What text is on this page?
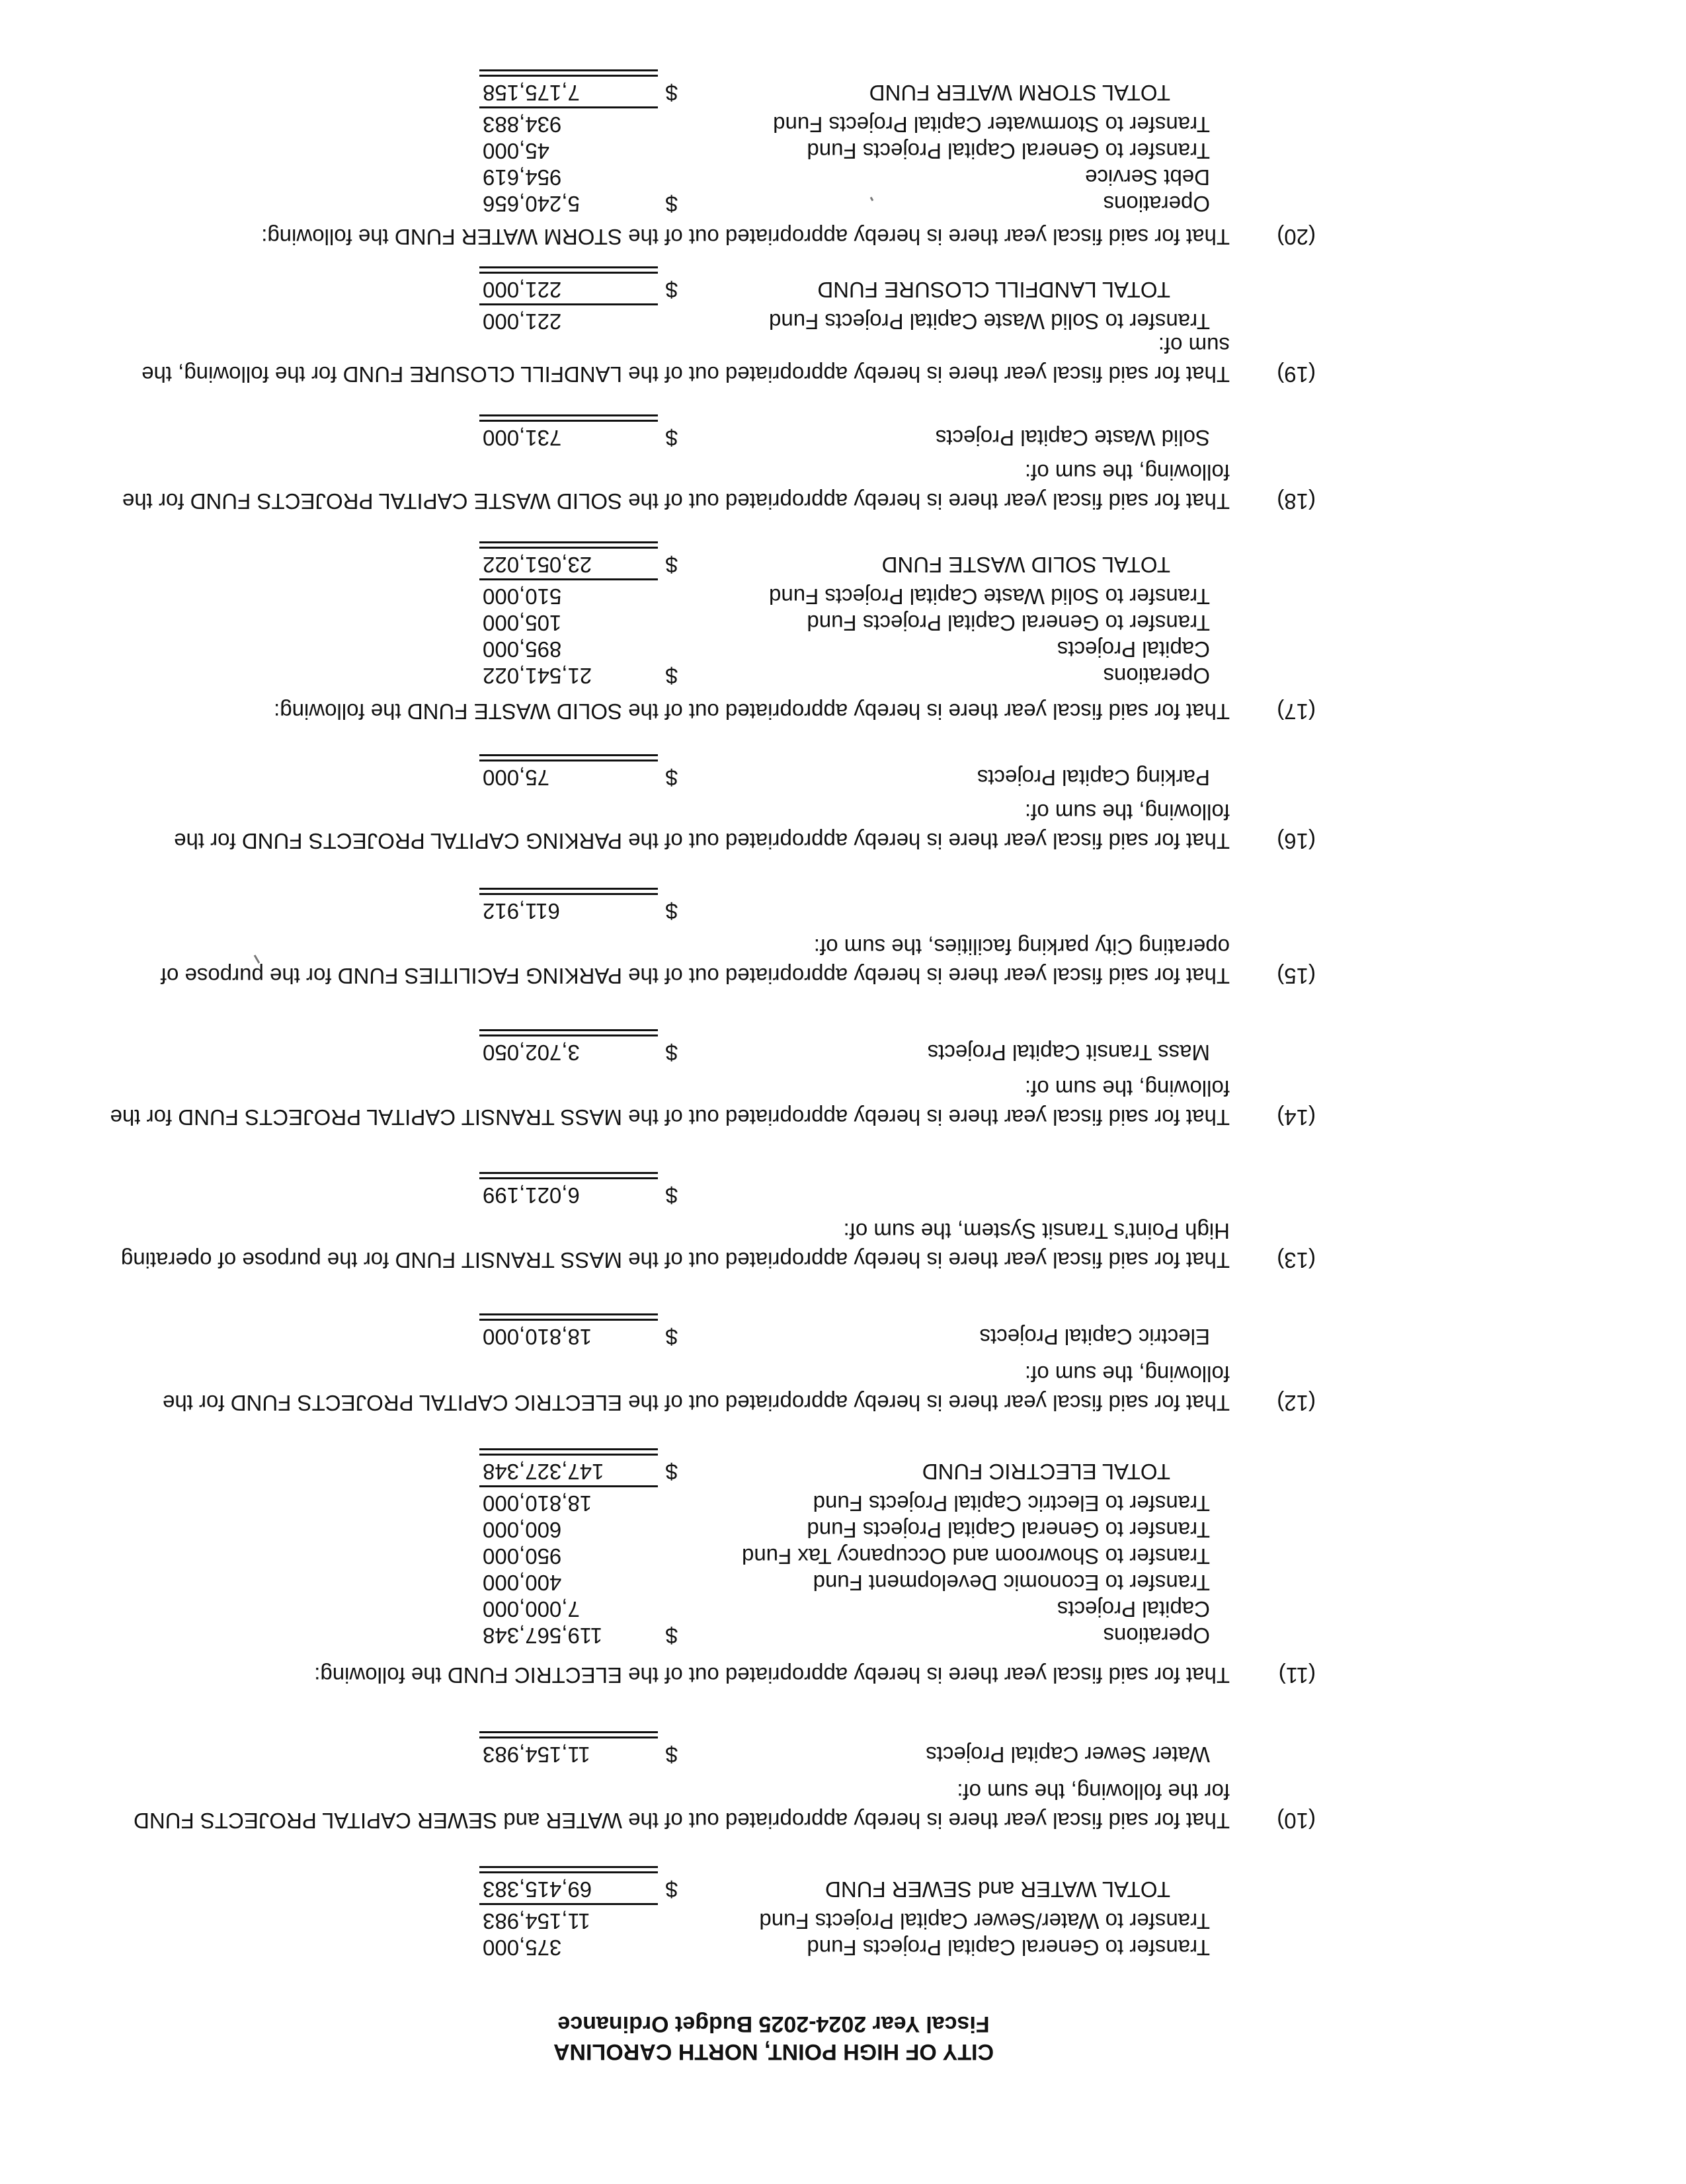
CITY OF HIGH POINT, NORTH CAROLINA
Fiscal Year 2024-2025 Budget Ordinance
Transfer to General Capital Projects Fund
375,000
Transfer to Water/Sewer Capital Projects Fund
11,154,983
TOTAL WATER and SEWER FUND
$
69,415,383
(10)
That for said fiscal year there is hereby appropriated out of the WATER and SEWER CAPITAL PROJECTS FUND for the following, the sum of:
Water Sewer Capital Projects
$
11,154,983
(11)
That for said fiscal year there is hereby appropriated out of the ELECTRIC FUND the following:
Operations
$
119,567,348
Capital Projects
7,000,000
Transfer to Economic Development Fund
400,000
Transfer to Showroom and Occupancy Tax Fund
950,000
Transfer to General Capital Projects Fund
600,000
Transfer to Electric Capital Projects Fund
18,810,000
TOTAL ELECTRIC FUND
$
147,327,348
(12)
That for said fiscal year there is hereby appropriated out of the ELECTRIC CAPITAL PROJECTS FUND for the following, the sum of:
Electric Capital Projects
$
18,810,000
(13)
That for said fiscal year there is hereby appropriated out of the MASS TRANSIT FUND for the purpose of operating High Point’s Transit System, the sum of:
$
6,021,199
(14)
That for said fiscal year there is hereby appropriated out of the MASS TRANSIT CAPITAL PROJECTS FUND for the following, the sum of:
Mass Transit Capital Projects
$
3,702,050
(15)
That for said fiscal year there is hereby appropriated out of the PARKING FACILITIES FUND for the purpose of operating City parking facilities, the sum of:
$
611,912
(16)
That for said fiscal year there is hereby appropriated out of the PARKING CAPITAL PROJECTS FUND for the following, the sum of:
Parking Capital Projects
$
75,000
(17)
That for said fiscal year there is hereby appropriated out of the SOLID WASTE FUND the following:
Operations
$
21,541,022
Capital Projects
895,000
Transfer to General Capital Projects Fund
105,000
Transfer to Solid Waste Capital Projects Fund
510,000
TOTAL SOLID WASTE FUND
$
23,051,022
(18)
That for said fiscal year there is hereby appropriated out of the SOLID WASTE CAPITAL PROJECTS FUND for the following, the sum of:
Solid Waste Capital Projects
$
731,000
(19)
That for said fiscal year there is hereby appropriated out of the LANDFILL CLOSURE FUND for the following, the sum of:
Transfer to Solid Waste Capital Projects Fund
221,000
TOTAL LANDFILL CLOSURE FUND
$
221,000
(20)
That for said fiscal year there is hereby appropriated out of the STORM WATER FUND the following:
Operations
$
5,240,656
Debt Service
954,619
Transfer to General Capital Projects Fund
45,000
Transfer to Stormwater Capital Projects Fund
934,883
TOTAL STORM WATER FUND
$
7,175,158
